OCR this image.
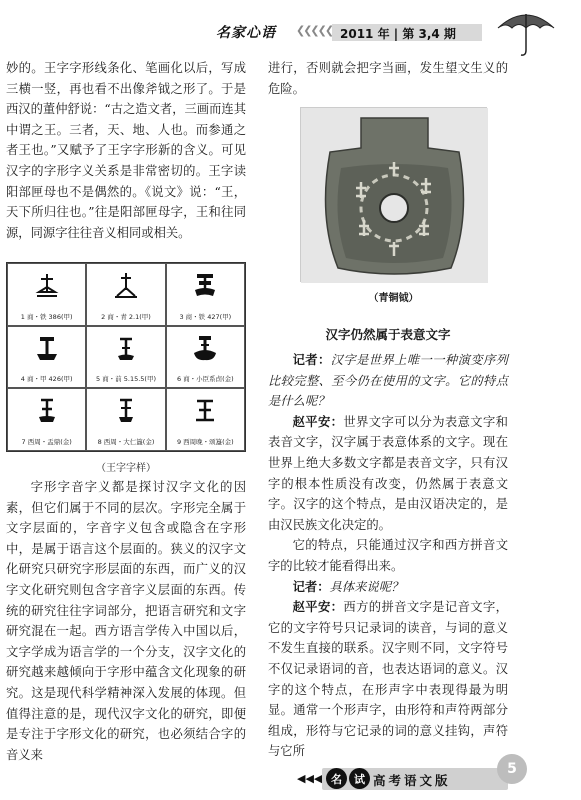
名家心语 ❮❮❮❮❮ 2011 年 | 第 3,4 期

妙的。王字字形线条化、笔画化以后，写成三横一竖，再也看不出像斧钺之形了。于是西汉的董仲舒说：“古之造文者，三画而连其中谓之王。三者，天、地、人也。而参通之者王也。”又赋予了王字字形新的含义。可见汉字的字形字义关系是非常密切的。王字读阳部匣母也不是偶然的。《说文》说：“王，天下所归往也。”往是阳部匣母字，王和往同源，同源字往往音义相同或相关。

1 商・铁 386(甲)	2 商・青 2.1(甲)	3 商・铁 427(甲)
4 商・甲 426(甲)	5 商・前 5.15.5(甲)	6 商・小臣系卣(金)
7 西周・盂鼎(金)	8 西周・大仁簋(金)	9 西周晚・颂簋(金)
（王字字样）

字形字音字义都是探讨汉字文化的因素，但它们属于不同的层次。字形完全属于文字层面的，字音字义包含或隐含在字形中，是属于语言这个层面的。狭义的汉字文化研究只研究字形层面的东西，而广义的汉字文化研究则包含字音字义层面的东西。传统的研究往往字词部分，把语言研究和文字研究混在一起。西方语言学传入中国以后，文字学成为语言学的一个分支，汉字文化的研究越来越倾向于字形中蕴含文化现象的研究。这是现代科学精神深入发展的体现。但值得注意的是，现代汉字文化的研究，即便是专注于字形文化的研究，也必须结合字的音义来

进行，否则就会把字当画，发生望文生义的危险。

（青铜钺）
汉字仍然属于表意文字

记者：汉字是世界上唯一一种演变序列比较完整、至今仍在使用的文字。它的特点是什么呢？

赵平安：世界文字可以分为表意文字和表音文字，汉字属于表意体系的文字。现在世界上绝大多数文字都是表音文字，只有汉字的根本性质没有改变，仍然属于表意文字。汉字的这个特点，是由汉语决定的，是由汉民族文化决定的。

它的特点，只能通过汉字和西方拼音文字的比较才能看得出来。

记者：具体来说呢？

赵平安：西方的拼音文字是记音文字，它的文字符号只记录词的读音，与词的意义不发生直接的联系。汉字则不同，文字符号不仅记录语词的音，也表达语词的意义。汉字的这个特点，在形声字中表现得最为明显。通常一个形声字，由形符和声符两部分组成，形符与它记录的词的意义挂钩，声符与它所

◀◀◀ 名	试 高考语文版
5
